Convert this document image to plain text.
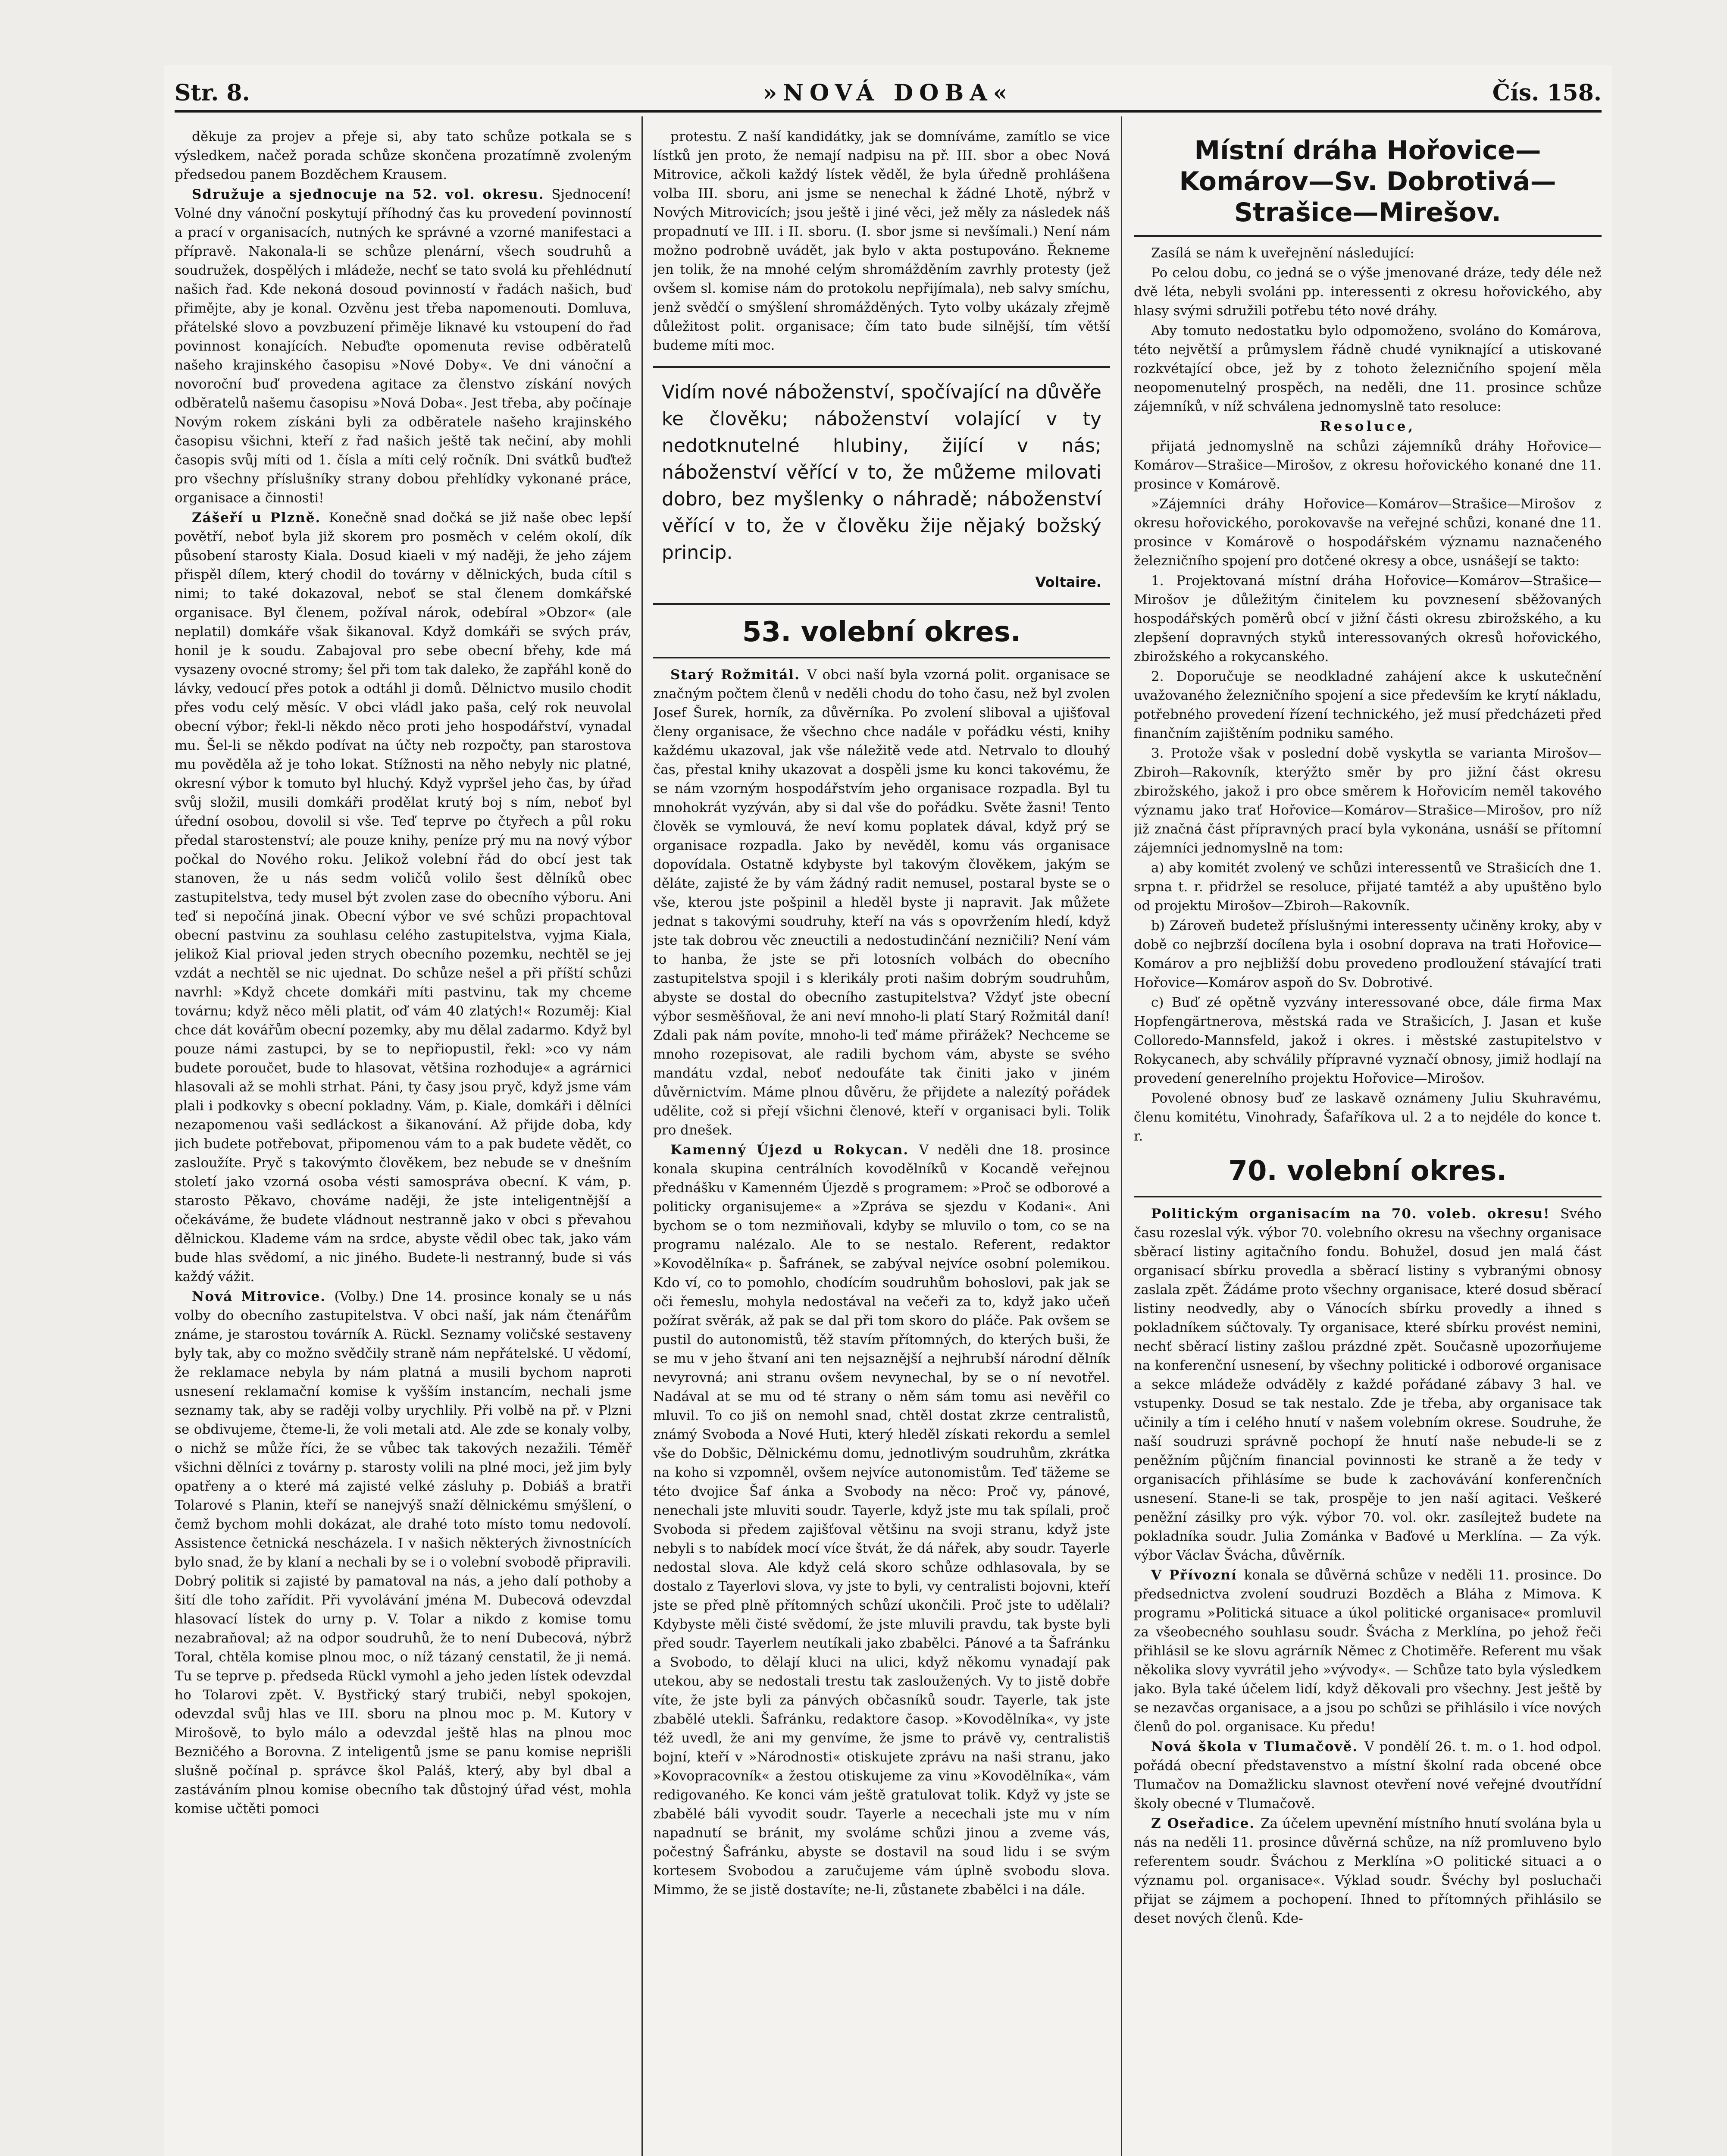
Str. 8.	»NOVÁ DOBA«	Čís. 158.

děkuje za projev a přeje si, aby tato schůze potkala se s výsledkem, načež porada schůze skončena prozatímně zvoleným předsedou panem Bozděchem Krausem.

Sdružuje a sjednocuje na 52. vol. okresu. Sjednocení! Volné dny vánoční poskytují příhodný čas ku provedení povinností a prací v organisacích, nutných ke správné a vzorné manifestaci a přípravě. Nakonala-li se schůze plenární, všech soudruhů a soudružek, dospělých i mládeže, nechť se tato svolá ku přehlédnutí našich řad. Kde nekoná dosoud povinností v řadách našich, buď přimějte, aby je konal. Ozvěnu jest třeba napomenouti. Domluva, přátelské slovo a povzbuzení přiměje liknavé ku vstoupení do řad povinnost konajících. Nebuďte opomenuta revise odběratelů našeho krajinského časopisu »Nové Doby«. Ve dni vánoční a novoroční buď provedena agitace za členstvo získání nových odběratelů našemu časopisu »Nová Doba«. Jest třeba, aby počínaje Novým rokem získáni byli za odběratele našeho krajinského časopisu všichni, kteří z řad našich ještě tak nečiní, aby mohli časopis svůj míti od 1. čísla a míti celý ročník. Dni svátků buďtež pro všechny příslušníky strany dobou přehlídky vykonané práce, organisace a činnosti!

Zášeří u Plzně. Konečně snad dočká se již naše obec lepší povětří, neboť byla již skorem pro posměch v celém okolí, dík působení starosty Kiala. Dosud kiaeli v mý naději, že jeho zájem přispěl dílem, který chodil do továrny v dělnických, buda cítil s nimi; to také dokazoval, neboť se stal členem domkářské organisace. Byl členem, požíval nárok, odebíral »Obzor« (ale neplatil) domkáře však šikanoval. Když domkáři se svých práv, honil je k soudu. Zabajoval pro sebe obecní břehy, kde má vysazeny ovocné stromy; šel při tom tak daleko, že zapřáhl koně do lávky, vedoucí přes potok a odtáhl ji domů. Dělnictvo musilo chodit přes vodu celý měsíc. V obci vládl jako paša, celý rok neuvolal obecní výbor; řekl-li někdo něco proti jeho hospodářství, vynadal mu. Šel-li se někdo podívat na účty neb rozpočty, pan starostova mu pověděla až je toho lokat. Stížnosti na něho nebyly nic platné, okresní výbor k tomuto byl hluchý. Když vypršel jeho čas, by úřad svůj složil, musili domkáři prodělat krutý boj s ním, neboť byl úřední osobou, dovolil si vše. Teď teprve po čtyřech a půl roku předal starostenství; ale pouze knihy, peníze prý mu na nový výbor počkal do Nového roku. Jelikož volební řád do obcí jest tak stanoven, že u nás sedm voličů volilo šest dělníků obec zastupitelstva, tedy musel být zvolen zase do obecního výboru. Ani teď si nepočíná jinak. Obecní výbor ve své schůzi propachtoval obecní pastvinu za souhlasu celého zastupitelstva, vyjma Kiala, jelikož Kial prioval jeden strych obecního pozemku, nechtěl se jej vzdát a nechtěl se nic ujednat. Do schůze nešel a při příští schůzi navrhl: »Když chcete domkáři míti pastvinu, tak my chceme továrnu; když něco měli platit, oď vám 40 zlatých!« Rozuměj: Kial chce dát kovářům obecní pozemky, aby mu dělal zadarmo. Když byl pouze námi zastupci, by se to nepřiopustil, řekl: »co vy nám budete poroučet, bude to hlasovat, většina rozhoduje« a agrárnici hlasovali až se mohli strhat. Páni, ty časy jsou pryč, když jsme vám plali i podkovky s obecní pokladny. Vám, p. Kiale, domkáři i dělníci nezapomenou vaši sedláckost a šikanování. Až přijde doba, kdy jich budete potřebovat, připomenou vám to a pak budete vědět, co zasloužíte. Pryč s takovýmto člověkem, bez nebude se v dnešním století jako vzorná osoba vésti samospráva obecní. K vám, p. starosto Pěkavo, chováme naději, že jste inteligentnější a očekáváme, že budete vládnout nestranně jako v obci s převahou dělnickou. Klademe vám na srdce, abyste vědil obec tak, jako vám bude hlas svědomí, a nic jiného. Budete-li nestranný, bude si vás každý vážit.

Nová Mitrovice. (Volby.) Dne 14. prosince konaly se u nás volby do obecního zastupitelstva. V obci naší, jak nám čtenářům známe, je starostou továrník A. Rückl. Seznamy voličské sestaveny byly tak, aby co možno svědčily straně nám nepřátelské. U vědomí, že reklamace nebyla by nám platná a musili bychom naproti usnesení reklamační komise k vyšším instancím, nechali jsme seznamy tak, aby se raději volby urychlily. Při volbě na př. v Plzni se obdivujeme, čteme-li, že voli metali atd. Ale zde se konaly volby, o nichž se může říci, že se vůbec tak takových nezažili. Téměř všichni dělníci z továrny p. starosty volili na plné moci, jež jim byly opatřeny a o které má zajisté velké zásluhy p. Dobiáš a bratři Tolarové s Planin, kteří se nanejvýš snaží dělnickému smýšlení, o čemž bychom mohli dokázat, ale drahé toto místo tomu nedovolí. Assistence četnická nescházela. I v našich některých živnostnících bylo snad, že by klaní a nechali by se i o volební svobodě připravili. Dobrý politik si zajisté by pamatoval na nás, a jeho dalí pothoby a šití dle toho zařídit. Při vyvolávání jména M. Dubecová odevzdal hlasovací lístek do urny p. V. Tolar a nikdo z komise tomu nezabraňoval; až na odpor soudruhů, že to není Dubecová, nýbrž Toral, chtěla komise plnou moc, o níž tázaný censtatil, že ji nemá. Tu se teprve p. předseda Rückl vymohl a jeho jeden lístek odevzdal ho Tolarovi zpět. V. Bystřický starý trubiči, nebyl spokojen, odevzdal svůj hlas ve III. sboru na plnou moc p. M. Kutory v Mirošově, to bylo málo a odevzdal ještě hlas na plnou moc Bezničého a Borovna. Z inteligentů jsme se panu komise neprišli slušně počínal p. správce škol Paláš, který, aby byl dbal a zastáváním plnou komise obecního tak důstojný úřad vést, mohla komise učtěti pomoci

protestu. Z naší kandidátky, jak se domníváme, zamítlo se vice lístků jen proto, že nemají nadpisu na př. III. sbor a obec Nová Mitrovice, ačkoli každý lístek věděl, že byla úředně prohlášena volba III. sboru, ani jsme se nenechal k žádné Lhotě, nýbrž v Nových Mitrovicích; jsou ještě i jiné věci, jež měly za následek náš propadnutí ve III. i II. sboru. (I. sbor jsme si nevšímali.) Není nám možno podrobně uvádět, jak bylo v akta postupováno. Řekneme jen tolik, že na mnohé celým shromážděním zavrhly protesty (jež ovšem sl. komise nám do protokolu nepřijímala), neb salvy smíchu, jenž svědčí o smýšlení shromážděných. Tyto volby ukázaly zřejmě důležitost polit. organisace; čím tato bude silnější, tím větší budeme míti moc.

Vidím nové náboženství, spočívající na důvěře ke člověku; náboženství volající v ty nedotknutelné hlubiny, žijící v nás; náboženství věřící v to, že můžeme milovati dobro, bez myšlenky o náhradě; náboženství věřící v to, že v člověku žije nějaký božský princip.
Voltaire.
53. volební okres.

Starý Rožmitál. V obci naší byla vzorná polit. organisace se značným počtem členů v neděli chodu do toho času, než byl zvolen Josef Šurek, horník, za důvěrníka. Po zvolení sliboval a ujišťoval členy organisace, že všechno chce nadále v pořádku vésti, knihy každému ukazoval, jak vše náležitě vede atd. Netrvalo to dlouhý čas, přestal knihy ukazovat a dospěli jsme ku konci takovému, že se nám vzorným hospodářstvím jeho organisace rozpadla. Byl tu mnohokrát vyzýván, aby si dal vše do pořádku. Světe žasni! Tento člověk se vymlouvá, že neví komu poplatek dával, když prý se organisace rozpadla. Jako by nevěděl, komu vás organisace dopovídala. Ostatně kdybyste byl takovým člověkem, jakým se děláte, zajisté že by vám žádný radit nemusel, postaral byste se o vše, kterou jste pošpinil a hleděl byste ji napravit. Jak můžete jednat s takovými soudruhy, kteří na vás s opovržením hledí, když jste tak dobrou věc zneuctili a nedostudinčání nezničili? Není vám to hanba, že jste se při lotosních volbách do obecního zastupitelstva spojil i s klerikály proti našim dobrým soudruhům, abyste se dostal do obecního zastupitelstva? Vždyť jste obecní výbor sesměšňoval, že ani neví mnoho-li platí Starý Rožmitál daní! Zdali pak nám povíte, mnoho-li teď máme přirážek? Nechceme se mnoho rozepisovat, ale radili bychom vám, abyste se svého mandátu vzdal, neboť nedoufáte tak činiti jako v jiném důvěrnictvím. Máme plnou důvěru, že přijdete a nalezítý pořádek udělite, což si přejí všichni členové, kteří v organisaci byli. Tolik pro dnešek.

Kamenný Újezd u Rokycan. V neděli dne 18. prosince konala skupina centrálních kovodělníků v Kocandě veřejnou přednášku v Kamenném Újezdě s programem: »Proč se odborové a politicky organisujeme« a »Zpráva se sjezdu v Kodani«. Ani bychom se o tom nezmiňovali, kdyby se mluvilo o tom, co se na programu nalézalo. Ale to se nestalo. Referent, redaktor »Kovodělníka« p. Šafránek, se zabýval nejvíce osobní polemikou. Kdo ví, co to pomohlo, chodícím soudruhům bohoslovi, pak jak se oči řemeslu, mohyla nedostával na večeři za to, když jako učeň požírat svěrák, až pak se dal při tom skoro do pláče. Pak ovšem se pustil do autonomistů, těž stavím přítomných, do kterých buši, že se mu v jeho štvaní ani ten nejsaznější a nejhrubší národní dělník nevyrovná; ani stranu ovšem nevynechal, by se o ní nevotřel. Nadával at se mu od té strany o něm sám tomu asi nevěřil co mluvil. To co jiš on nemohl snad, chtěl dostat zkrze centralistů, známý Svoboda a Nové Huti, který hleděl získati rekordu a semlel vše do Dobšic, Dělnickému domu, jednotlivým soudruhům, zkrátka na koho si vzpomněl, ovšem nejvíce autonomistům. Teď täžeme se této dvojice Šaf ánka a Svobody na něco: Proč vy, pánové, nenechali jste mluviti soudr. Tayerle, když jste mu tak spílali, proč Svoboda si předem zajišťoval většinu na svoji stranu, když jste nebyli s to nabídek mocí více štvát, že dá nářek, aby soudr. Tayerle nedostal slova. Ale když celá skoro schůze odhlasovala, by se dostalo z Tayerlovi slova, vy jste to byli, vy centralisti bojovni, kteří jste se před plně přítomných schůzí ukončili. Proč jste to udělali? Kdybyste měli čisté svědomí, že jste mluvili pravdu, tak byste byli před soudr. Tayerlem neutíkali jako zbabělci. Pánové a ta Šafránku a Svobodo, to dělají kluci na ulici, když někomu vynadají pak utekou, aby se nedostali trestu tak zasloužených. Vy to jistě dobře víte, že jste byli za pánvých občasníků soudr. Tayerle, tak jste zbabělé utekli. Šafránku, redaktore časop. »Kovodělníka«, vy jste též uvedl, že ani my genvíme, že jsme to právě vy, centralistiš bojní, kteří v »Národnosti« otiskujete zprávu na naši stranu, jako »Kovopracovník« a žestou otiskujeme za vinu »Kovodělníka«, vám redigovaného. Ke konci vám ještě gratulovat tolik. Když vy jste se zbabělé báli vyvodit soudr. Tayerle a necechali jste mu v ním napadnutí se bránit, my svoláme schůzi jinou a zveme vás, počestný Šafránku, abyste se dostavil na soud lidu i se svým kortesem Svobodou a zaručujeme vám úplně svobodu slova. Mimmo, že se jistě dostavíte; ne-li, zůstanete zbabělci i na dále.

Místní dráha Hořovice—Komárov—Sv. Dobrotivá—Strašice—Mirešov.

Zasílá se nám k uveřejnění následující:

Po celou dobu, co jedná se o výše jmenované dráze, tedy déle než dvě léta, nebyli svoláni pp. interessenti z okresu hořovického, aby hlasy svými sdružili potřebu této nové dráhy.

Aby tomuto nedostatku bylo odpomoženo, svoláno do Komárova, této největší a průmyslem řádně chudé vyniknající a utiskované rozkvétající obce, jež by z tohoto železničního spojení měla neopomenutelný prospěch, na neděli, dne 11. prosince schůze zájemníků, v níž schválena jednomyslně tato resoluce:

Resoluce,

přijatá jednomyslně na schůzi zájemníků dráhy Hořovice—Komárov—Strašice—Mirošov, z okresu hořovického konané dne 11. prosince v Komárově.

»Zájemníci dráhy Hořovice—Komárov—Strašice—Mirošov z okresu hořovického, porokovavše na veřejné schůzi, konané dne 11. prosince v Komárově o hospodářském významu naznačeného železničního spojení pro dotčené okresy a obce, usnášejí se takto:

1. Projektovaná místní dráha Hořovice—Komárov—Strašice—Mirošov je důležitým činitelem ku povznesení sběžovaných hospodářských poměrů obcí v jižní části okresu zbirožského, a ku zlepšení dopravných styků interessovaných okresů hořovického, zbirožského a rokycanského.

2. Doporučuje se neodkladné zahájení akce k uskutečnění uvažovaného železničního spojení a sice především ke krytí nákladu, potřebného provedení řízení technického, jež musí předcházeti před finančním zajištěním podniku samého.

3. Protože však v poslední době vyskytla se varianta Mirošov—Zbiroh—Rakovník, kterýžto směr by pro jižní část okresu zbirožského, jakož i pro obce směrem k Hořovicím neměl takového významu jako trať Hořovice—Komárov—Strašice—Mirošov, pro níž již značná část přípravných prací byla vykonána, usnáší se přítomní zájemníci jednomyslně na tom:

a) aby komitét zvolený ve schůzi interessentů ve Strašicích dne 1. srpna t. r. přidržel se resoluce, přijaté tamtéž a aby upuštěno bylo od projektu Mirošov—Zbiroh—Rakovník.

b) Zároveň budetež příslušnými interessenty učiněny kroky, aby v době co nejbrzší docílena byla i osobní doprava na trati Hořovice—Komárov a pro nejbližší dobu provedeno prodloužení stávající trati Hořovice—Komárov aspoň do Sv. Dobrotivé.

c) Buď zé opětně vyzvány interessované obce, dále firma Max Hopfengärtnerova, městská rada ve Strašicích, J. Jasan et kuše Colloredo-Mannsfeld, jakož i okres. i městské zastupitelstvo v Rokycanech, aby schválily přípravné vyznačí obnosy, jimiž hodlají na provedení generelního projektu Hořovice—Mirošov.

Povolené obnosy buď ze laskavě oznámeny Juliu Skuhravému, členu komitétu, Vinohrady, Šafaříkova ul. 2 a to nejdéle do konce t. r.

70. volební okres.

Politickým organisacím na 70. voleb. okresu! Svého času rozeslal výk. výbor 70. volebního okresu na všechny organisace sběrací listiny agitačního fondu. Bohužel, dosud jen malá část organisací sbírku provedla a sběrací listiny s vybranými obnosy zaslala zpět. Žádáme proto všechny organisace, které dosud sběrací listiny neodvedly, aby o Vánocích sbírku provedly a ihned s pokladníkem súčtovaly. Ty organisace, které sbírku provést nemini, nechť sběrací listiny zašlou prázdné zpět. Současně upozorňujeme na konferenční usnesení, by všechny politické i odborové organisace a sekce mládeže odváděly z každé pořádané zábavy 3 hal. ve vstupenky. Dosud se tak nestalo. Zde je třeba, aby organisace tak učinily a tím i celého hnutí v našem volebním okrese. Soudruhe, že naší soudruzi správně pochopí že hnutí naše nebude-li se z peněžním půjčním financial povinnosti ke straně a že tedy v organisacích přihlásíme se bude k zachovávání konferenčních usnesení. Stane-li se tak, prospěje to jen naší agitaci. Veškeré peněžní zásilky pro výk. výbor 70. vol. okr. zasílejtež budete na pokladníka soudr. Julia Zománka v Baďové u Merklína. — Za výk. výbor Václav Švácha, důvěrník.

V Přívozní konala se důvěrná schůze v neděli 11. prosince. Do předsednictva zvolení soudruzi Bozděch a Bláha z Mimova. K programu »Politická situace a úkol politické organisace« promluvil za všeobecného souhlasu soudr. Švácha z Merklína, po jehož řeči přihlásil se ke slovu agrárník Němec z Chotiměře. Referent mu však několika slovy vyvrátil jeho »vývody«. — Schůze tato byla výsledkem jako. Byla také účelem lidí, když děkovali pro všechny. Jest ještě by se nezavčas organisace, a a jsou po schůzi se přihlásilo i více nových členů do pol. organisace. Ku předu!

Nová škola v Tlumačově. V pondělí 26. t. m. o 1. hod odpol. pořádá obecní představenstvo a místní školní rada obcené obce Tlumačov na Domažlicku slavnost otevření nové veřejné dvoutřídní školy obecné v Tlumačově.

Z Oseřadice. Za účelem upevnění místního hnutí svolána byla u nás na neděli 11. prosince důvěrná schůze, na níž promluveno bylo referentem soudr. Šváchou z Merklína »O politické situaci a o významu pol. organisace«. Výklad soudr. Švéchy byl posluchači přijat se zájmem a pochopení. Ihned to přítomných přihlásilo se deset nových členů. Kde-
